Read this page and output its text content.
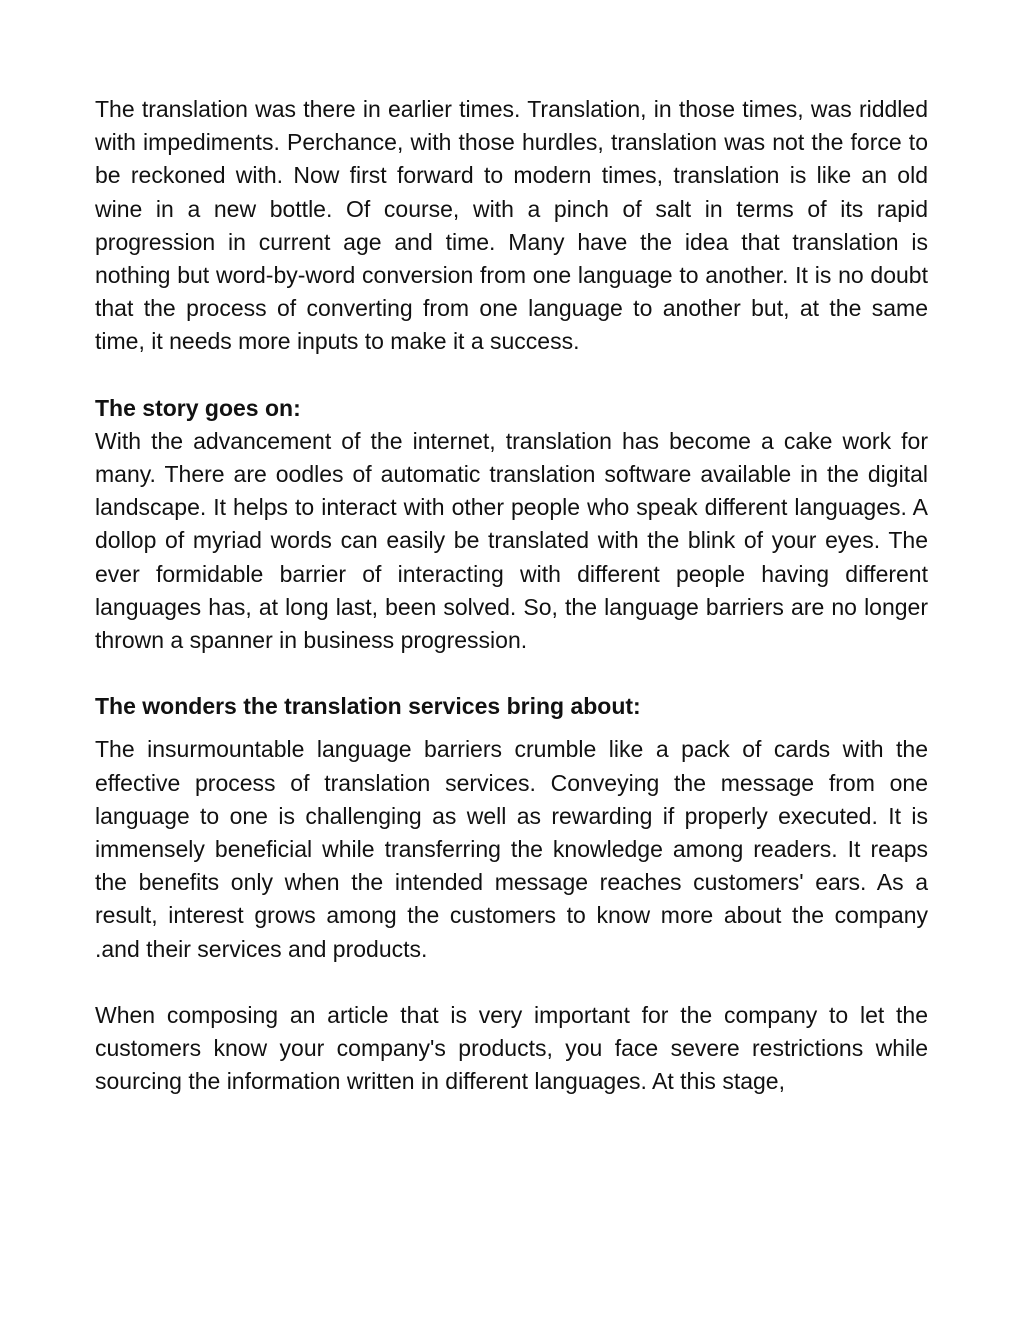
The translation was there in earlier times. Translation, in those times, was riddled with impediments. Perchance, with those hurdles, translation was not the force to be reckoned with. Now first forward to modern times, translation is like an old wine in a new bottle. Of course, with a pinch of salt in terms of its rapid progression in current age and time. Many have the idea that translation is nothing but word-by-word conversion from one language to another. It is no doubt that the process of converting from one language to another but, at the same time, it needs more inputs to make it a success.

The story goes on:

With the advancement of the internet, translation has become a cake work for many. There are oodles of automatic translation software available in the digital landscape. It helps to interact with other people who speak different languages. A dollop of myriad words can easily be translated with the blink of your eyes. The ever formidable barrier of interacting with different people having different languages has, at long last, been solved. So, the language barriers are no longer thrown a spanner in business progression.

The wonders the translation services bring about:

The insurmountable language barriers crumble like a pack of cards with the effective process of translation services. Conveying the message from one language to one is challenging as well as rewarding if properly executed. It is immensely beneficial while transferring the knowledge among readers. It reaps the benefits only when the intended message reaches customers' ears. As a result, interest grows among the customers to know more about the company .and their services and products.

When composing an article that is very important for the company to let the customers know your company's products, you face severe restrictions while sourcing the information written in different languages. At this stage,
